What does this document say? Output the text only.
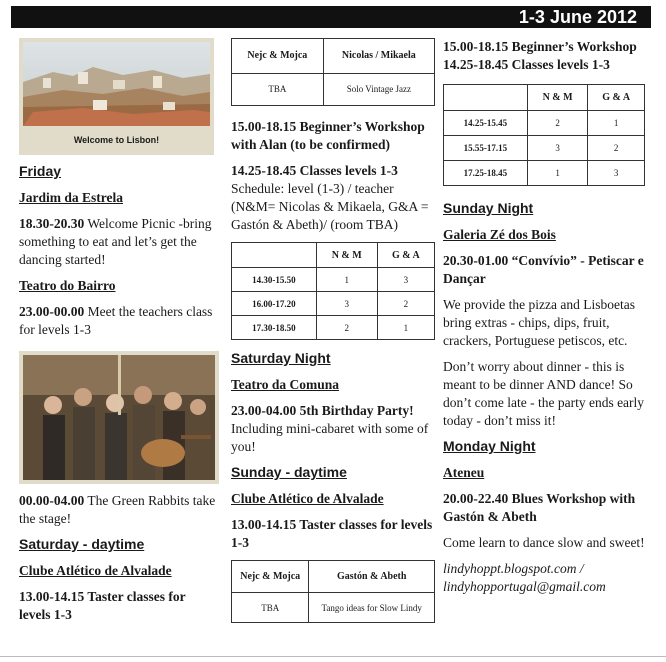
1-3 June 2012
Welcome to Lisbon!
Friday

Jardim da Estrela

18.30-20.30 Welcome Picnic -bring something to eat and let’s get the dancing started!

Teatro do Bairro

23.00-00.00 Meet the teachers class for levels 1-3

00.00-04.00 The Green Rabbits take the stage!

Saturday - daytime

Clube Atlético de Alvalade

13.00-14.15 Taster classes for levels 1-3

Nejc & Mojca	Nicolas / Mikaela
TBA	Solo Vintage Jazz

15.00-18.15 Beginner’s Workshop with Alan (to be confirmed)

14.25-18.45 Classes levels 1-3
Schedule: level (1-3) / teacher (N&M= Nicolas & Mikaela, G&A = Gastón & Abeth)/ (room TBA)

	N & M	G & A
14.30-15.50	1	3
16.00-17.20	3	2
17.30-18.50	2	1
Saturday Night

Teatro da Comuna

23.00-04.00 5th Birthday Party! Including mini-cabaret with some of you!

Sunday - daytime

Clube Atlético de Alvalade

13.00-14.15 Taster classes for levels 1-3

Nejc & Mojca	Gastón & Abeth
TBA	Tango ideas for Slow Lindy

15.00-18.15 Beginner’s Workshop

14.25-18.45 Classes levels 1-3

	N & M	G & A
14.25-15.45	2	1
15.55-17.15	3	2
17.25-18.45	1	3
Sunday Night

Galeria Zé dos Bois

20.30-01.00 “Convívio” - Petiscar e Dançar

We provide the pizza and Lisboetas bring extras - chips, dips, fruit, crackers, Portuguese petiscos, etc.

Don’t worry about dinner - this is meant to be dinner AND dance! So don’t come late - the party ends early today - don’t miss it!

Monday Night

Ateneu

20.00-22.40 Blues Workshop with Gastón & Abeth

Come learn to dance slow and sweet!

lindyhoppt.blogspot.com /
lindyhopportugal@gmail.com
